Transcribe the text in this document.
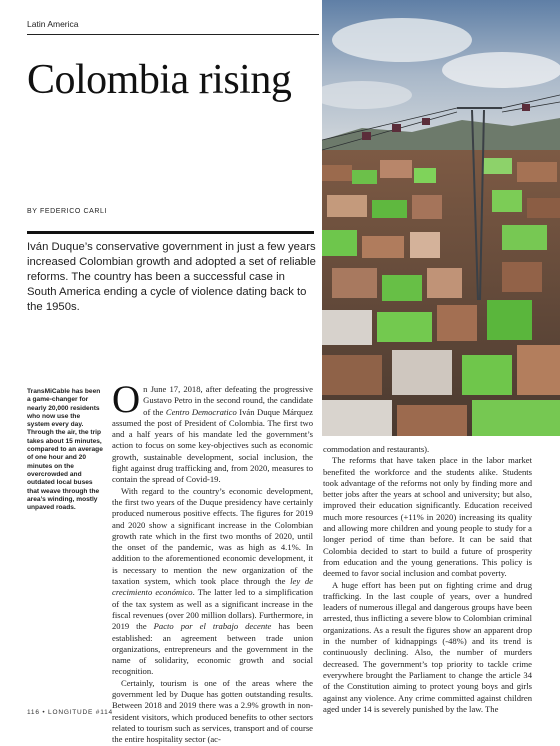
Latin America
Colombia rising
BY FEDERICO CARLI

Iván Duque’s conservative government in just a few years increased Colombian growth and adopted a set of reliable reforms. The country has been a successful case in South America ending a cycle of violence dating back to the 1950s.

TransMiCable has been a game-changer for nearly 20,000 residents who now use the system every day. Through the air, the trip takes about 15 minutes, compared to an average of one hour and 20 minutes on the overcrowded and outdated local buses that weave through the area’s winding, mostly unpaved roads.

On June 17, 2018, after defeating the progressive Gustavo Petro in the second round, the candidate of the Centro Democratico Iván Duque Márquez assumed the post of President of Colombia. The first two and a half years of his mandate led the government’s action to focus on some key-objectives such as economic growth, sustainable development, social inclusion, the fight against drug trafficking and, from 2020, measures to contain the spread of Covid-19.

With regard to the country’s economic development, the first two years of the Duque presidency have certainly produced numerous positive effects. The figures for 2019 and 2020 show a significant increase in the Colombian growth rate which in the first two months of 2020, until the onset of the pandemic, was as high as 4.1%. In addition to the aforementioned economic development, it is necessary to mention the new organization of the taxation system, which took place through the ley de crecimiento económico. The latter led to a simplification of the tax system as well as a significant increase in the fiscal revenues (over 200 million dollars). Furthermore, in 2019 the Pacto por el trabajo decente has been established: an agreement between trade union organizations, entrepreneurs and the government in the name of solidarity, economic growth and social recognition.

Certainly, tourism is one of the areas where the government led by Duque has gotten outstanding results. Between 2018 and 2019 there was a 2.9% growth in non-resident visitors, which produced benefits to other sectors related to tourism such as services, transport and of course the entire hospitality sector (ac-

commodation and restaurants).

The reforms that have taken place in the labor market benefited the workforce and the students alike. Students took advantage of the reforms not only by finding more and better jobs after the years at school and university; but also, improved their education significantly. Education received much more resources (+11% in 2020) increasing its quality and allowing more children and young people to study for a longer period of time than before. It can be said that Colombia decided to start to build a future of prosperity from education and the young generations. This policy is deemed to favor social inclusion and combat poverty.

A huge effort has been put on fighting crime and drug trafficking. In the last couple of years, over a hundred leaders of numerous illegal and dangerous groups have been arrested, thus inflicting a severe blow to Colombian criminal organizations. As a result the figures show an apparent drop in the number of kidnappings (-48%) and its trend is continuously declining. Also, the number of murders decreased. The government’s top priority to tackle crime everywhere brought the Parliament to change the article 34 of the Constitution aiming to protect young boys and girls against any violence. Any crime committed against children aged under 14 is severely punished by the law. The

116 • LONGITUDE #114
